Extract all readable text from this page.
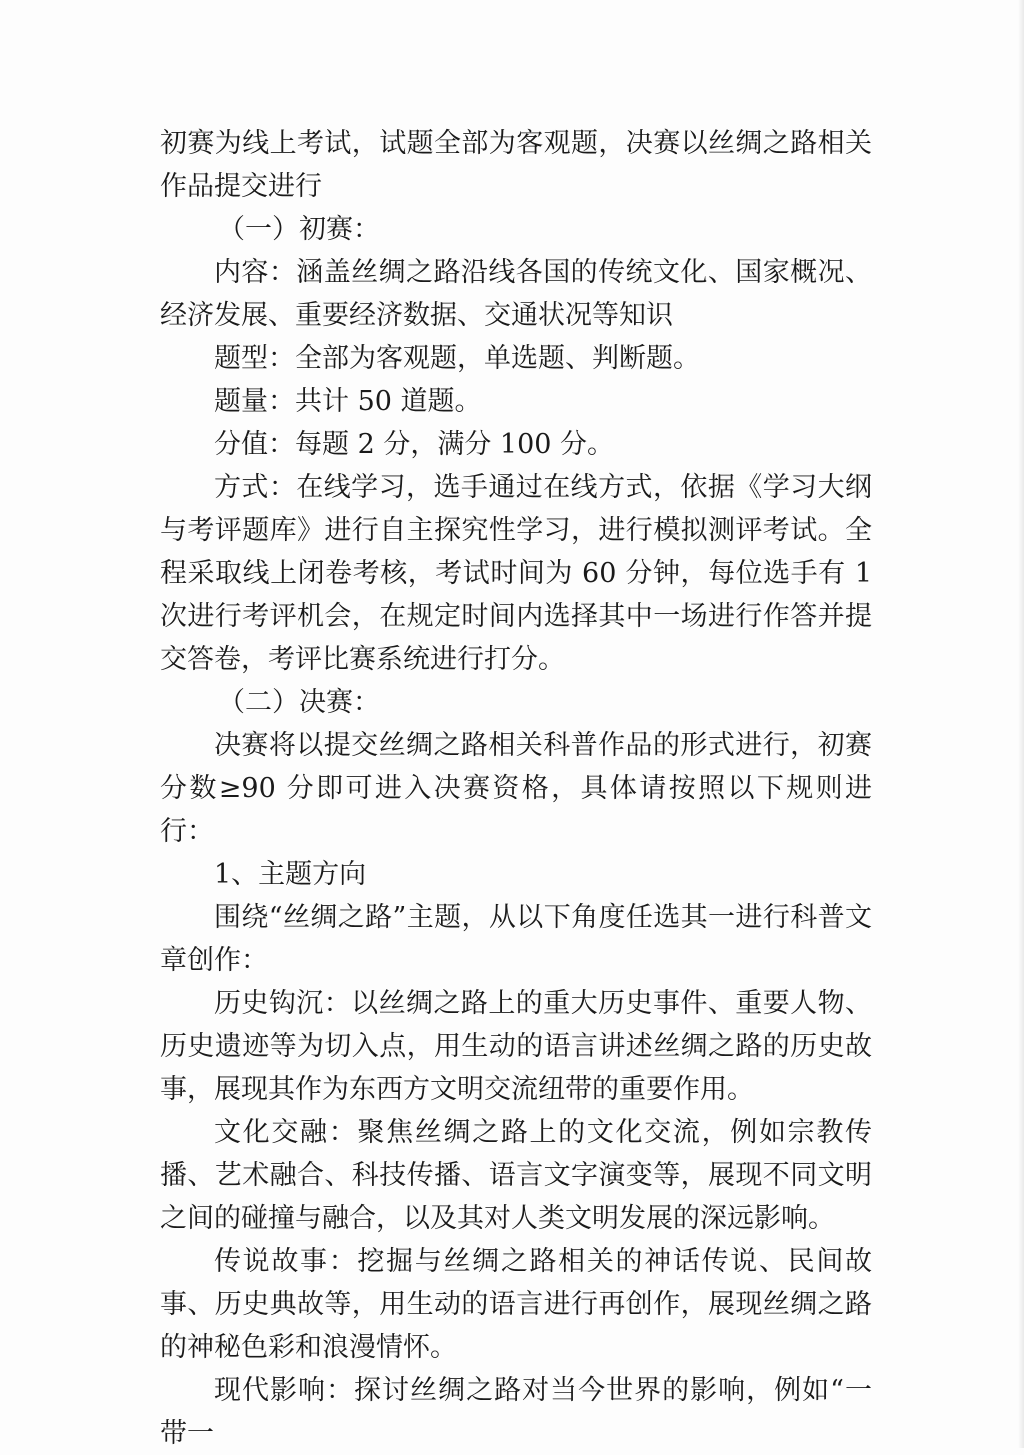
初赛为线上考试，试题全部为客观题，决赛以丝绸之路相关作品提交进行

（一）初赛：

内容：涵盖丝绸之路沿线各国的传统文化、国家概况、经济发展、重要经济数据、交通状况等知识

题型：全部为客观题，单选题、判断题。

题量：共计 50 道题。

分值：每题 2 分，满分 100 分。

方式：在线学习，选手通过在线方式，依据《学习大纲与考评题库》进行自主探究性学习，进行模拟测评考试。全程采取线上闭卷考核，考试时间为 60 分钟，每位选手有 1 次进行考评机会，在规定时间内选择其中一场进行作答并提交答卷，考评比赛系统进行打分。

（二）决赛：

决赛将以提交丝绸之路相关科普作品的形式进行，初赛分数≥90 分即可进入决赛资格，具体请按照以下规则进行：

1、主题方向

围绕“丝绸之路”主题，从以下角度任选其一进行科普文章创作：

历史钩沉：以丝绸之路上的重大历史事件、重要人物、历史遗迹等为切入点，用生动的语言讲述丝绸之路的历史故事，展现其作为东西方文明交流纽带的重要作用。

文化交融：聚焦丝绸之路上的文化交流，例如宗教传播、艺术融合、科技传播、语言文字演变等，展现不同文明之间的碰撞与融合，以及其对人类文明发展的深远影响。

传说故事：挖掘与丝绸之路相关的神话传说、民间故事、历史典故等，用生动的语言进行再创作，展现丝绸之路的神秘色彩和浪漫情怀。

现代影响：探讨丝绸之路对当今世界的影响，例如“一带一
